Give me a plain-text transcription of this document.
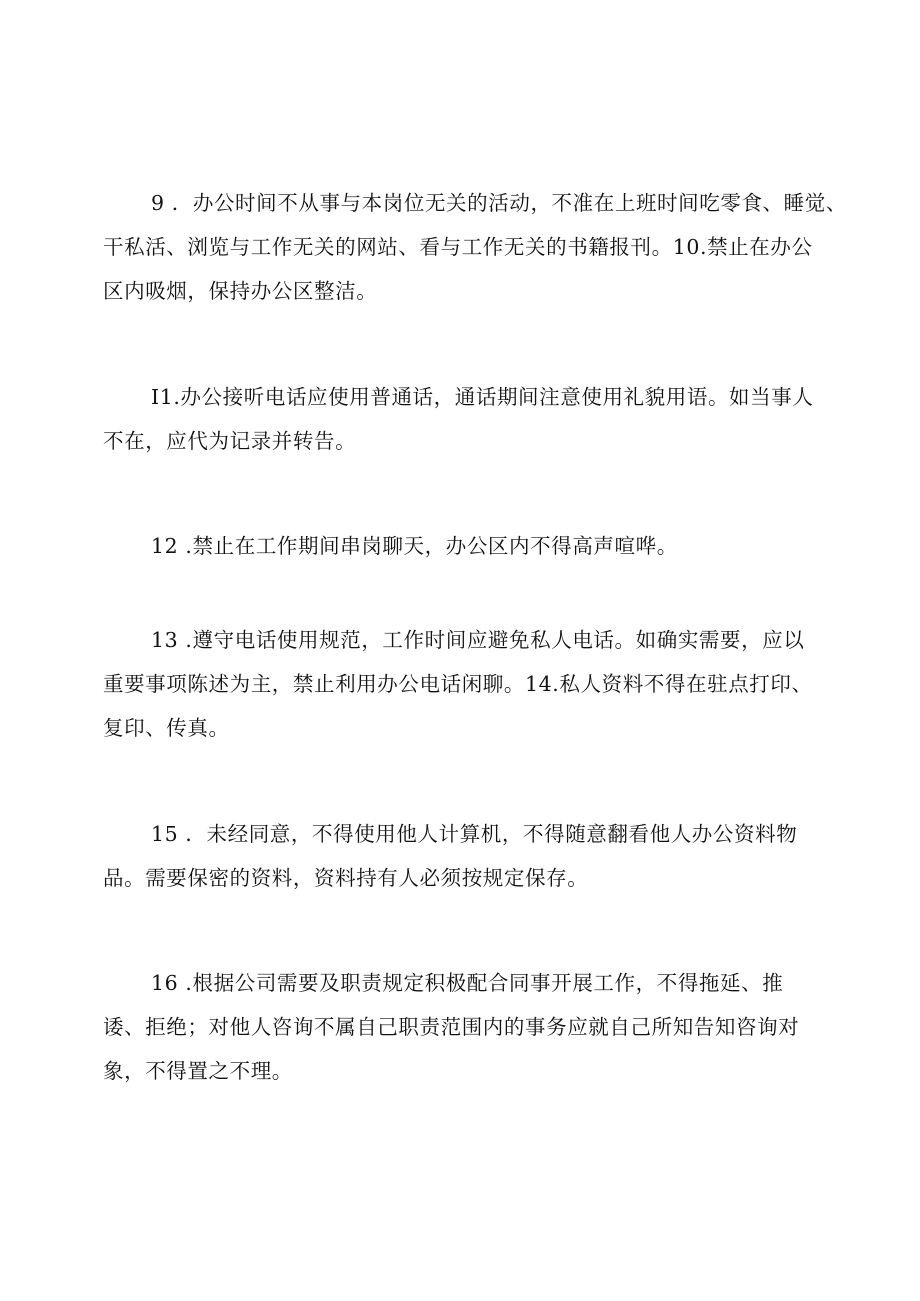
9 ．办公时间不从事与本岗位无关的活动，不准在上班时间吃零食、睡觉、
干私活、浏览与工作无关的网站、看与工作无关的书籍报刊。10.禁止在办公
区内吸烟，保持办公区整洁。

I1.办公接听电话应使用普通话，通话期间注意使用礼貌用语。如当事人
不在，应代为记录并转告。

12 .禁止在工作期间串岗聊天，办公区内不得高声喧哗。

13 .遵守电话使用规范，工作时间应避免私人电话。如确实需要，应以
重要事项陈述为主，禁止利用办公电话闲聊。14.私人资料不得在驻点打印、
复印、传真。

15 ．未经同意，不得使用他人计算机，不得随意翻看他人办公资料物
品。需要保密的资料，资料持有人必须按规定保存。

16 .根据公司需要及职责规定积极配合同事开展工作，不得拖延、推
诿、拒绝；对他人咨询不属自己职责范围内的事务应就自己所知告知咨询对
象，不得置之不理。
